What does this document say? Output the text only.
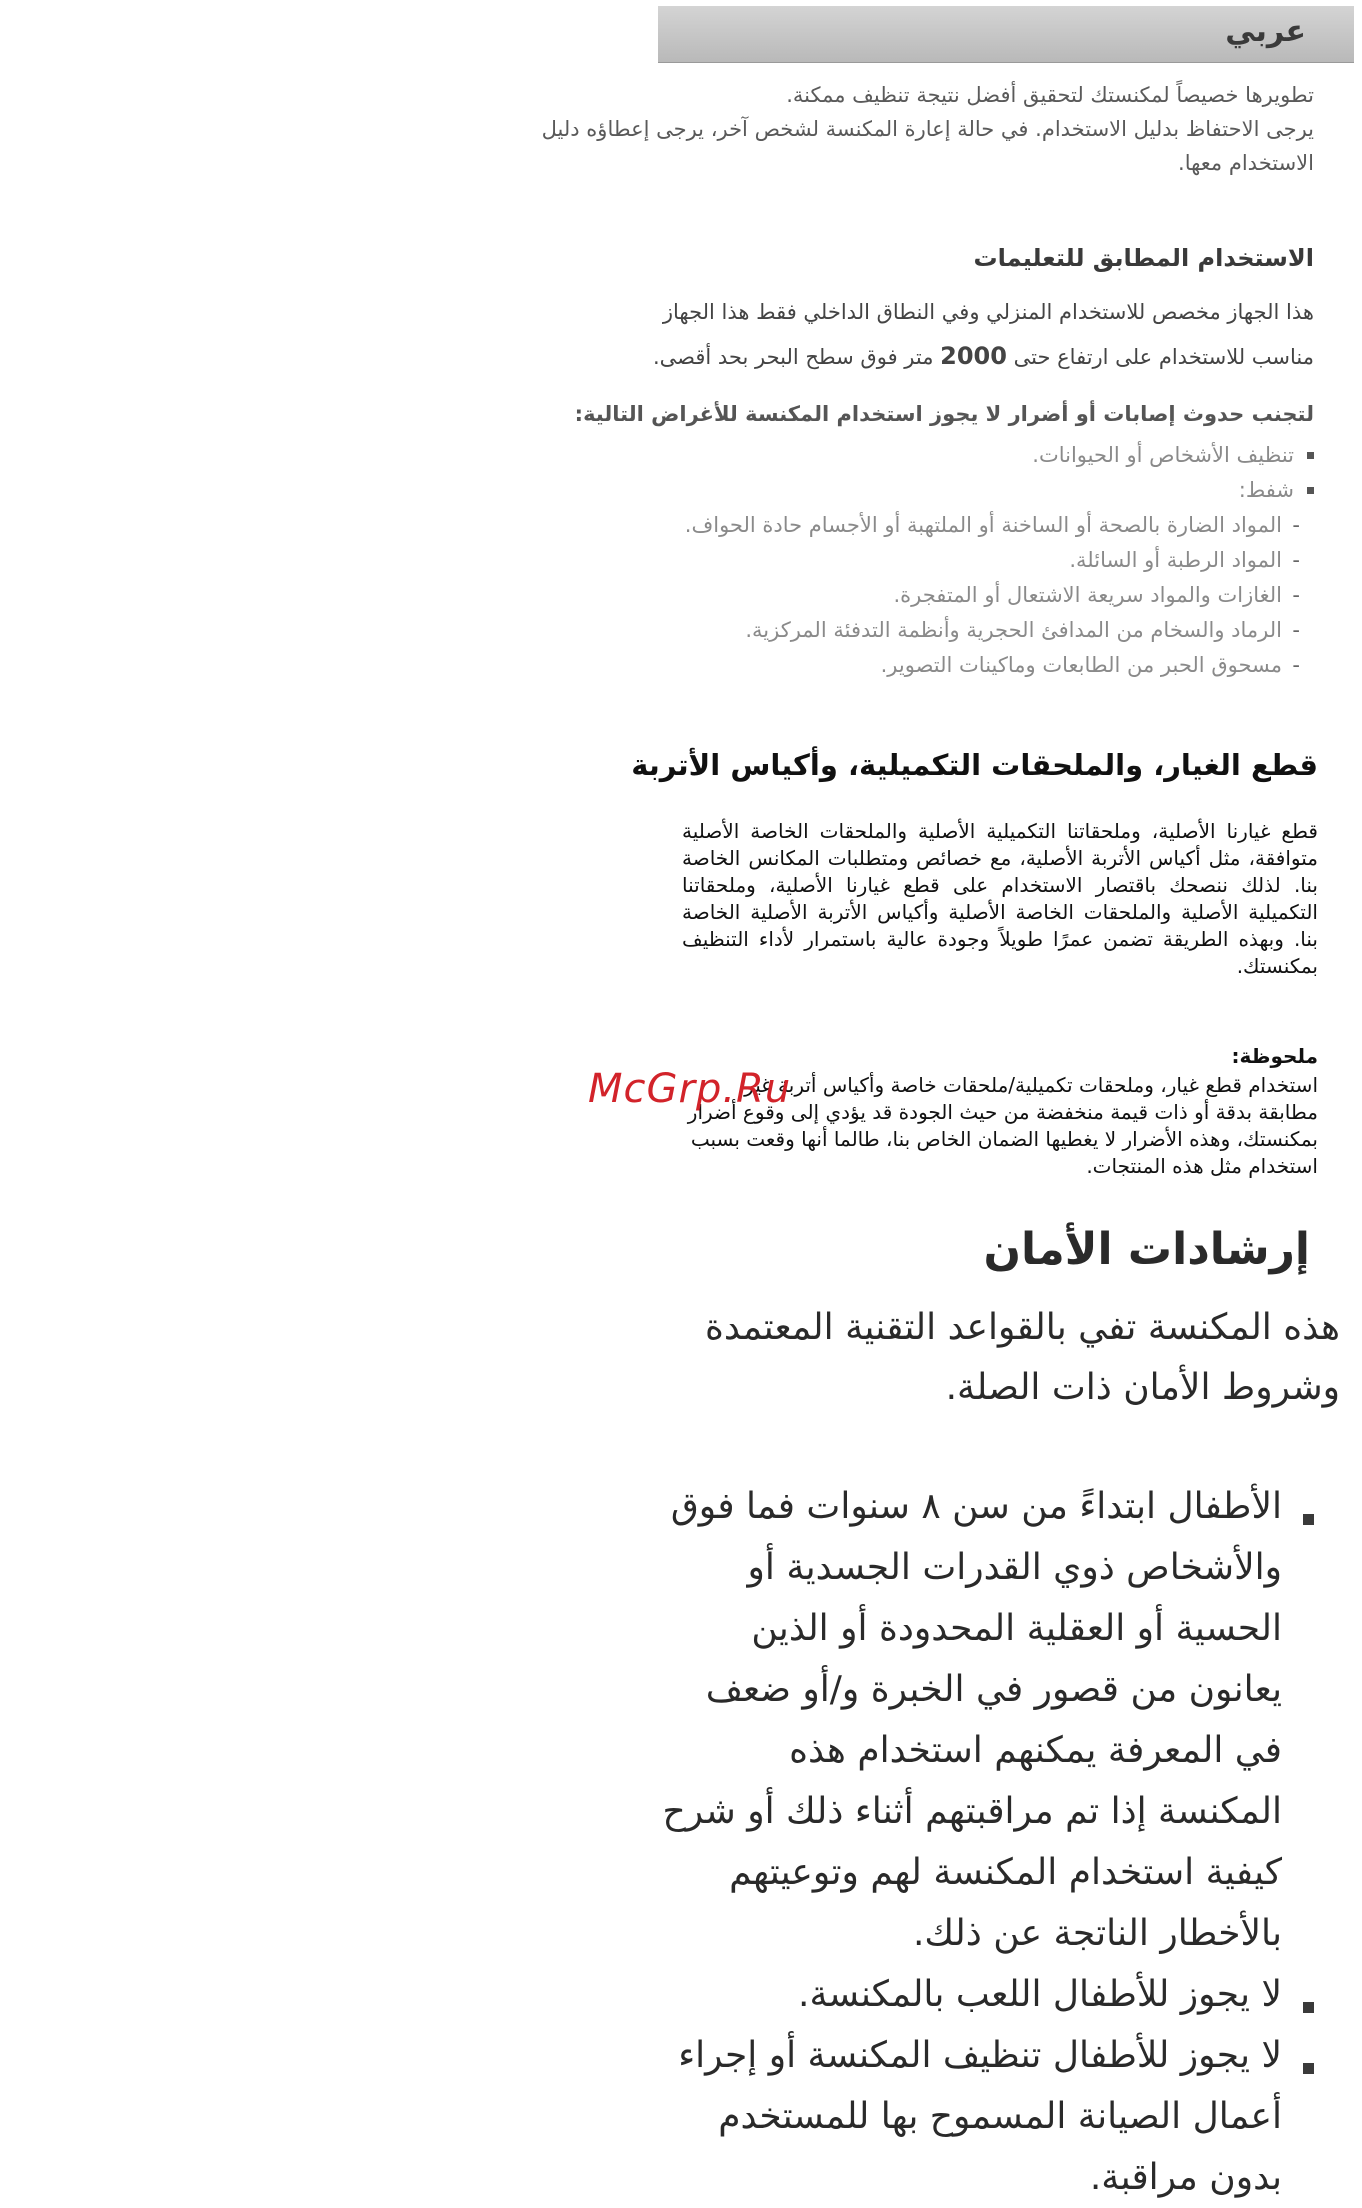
عربي
تطويرها خصيصاً لمكنستك لتحقيق أفضل نتيجة تنظيف ممكنة.
يرجى الاحتفاظ بدليل الاستخدام. في حالة إعارة المكنسة لشخص آخر، يرجى إعطاؤه دليل الاستخدام معها.
الاستخدام المطابق للتعليمات
هذا الجهاز مخصص للاستخدام المنزلي وفي النطاق الداخلي فقط هذا الجهاز
مناسب للاستخدام على ارتفاع حتى 2000 متر فوق سطح البحر بحد أقصى.
لتجنب حدوث إصابات أو أضرار لا يجوز استخدام المكنسة للأغراض التالية:
تنظيف الأشخاص أو الحيوانات.
شفط:
- المواد الضارة بالصحة أو الساخنة أو الملتهبة أو الأجسام حادة الحواف.
- المواد الرطبة أو السائلة.
- الغازات والمواد سريعة الاشتعال أو المتفجرة.
- الرماد والسخام من المدافئ الحجرية وأنظمة التدفئة المركزية.
- مسحوق الحبر من الطابعات وماكينات التصوير.
قطع الغيار، والملحقات التكميلية، وأكياس الأتربة
قطع غيارنا الأصلية، وملحقاتنا التكميلية الأصلية والملحقات الخاصة الأصلية متوافقة، مثل أكياس الأتربة الأصلية، مع خصائص ومتطلبات المكانس الخاصة بنا. لذلك ننصحك باقتصار الاستخدام على قطع غيارنا الأصلية، وملحقاتنا التكميلية الأصلية والملحقات الخاصة الأصلية وأكياس الأتربة الأصلية الخاصة بنا. وبهذه الطريقة تضمن عمرًا طويلاً وجودة عالية باستمرار لأداء التنظيف بمكنستك.
ملحوظة:
استخدام قطع غيار، وملحقات تكميلية/ملحقات خاصة وأكياس أتربة غير مطابقة بدقة أو ذات قيمة منخفضة من حيث الجودة قد يؤدي إلى وقوع أضرار بمكنستك، وهذه الأضرار لا يغطيها الضمان الخاص بنا، طالما أنها وقعت بسبب استخدام مثل هذه المنتجات.
McGrp.Ru
إرشادات الأمان
هذه المكنسة تفي بالقواعد التقنية المعتمدة وشروط الأمان ذات الصلة.
الأطفال ابتداءً من سن ٨ سنوات فما فوق والأشخاص ذوي القدرات الجسدية أو الحسية أو العقلية المحدودة أو الذين يعانون من قصور في الخبرة و/أو ضعف في المعرفة يمكنهم استخدام هذه المكنسة إذا تم مراقبتهم أثناء ذلك أو شرح كيفية استخدام المكنسة لهم وتوعيتهم بالأخطار الناتجة عن ذلك.
لا يجوز للأطفال اللعب بالمكنسة.
لا يجوز للأطفال تنظيف المكنسة أو إجراء أعمال الصيانة المسموح بها للمستخدم بدون مراقبة.
